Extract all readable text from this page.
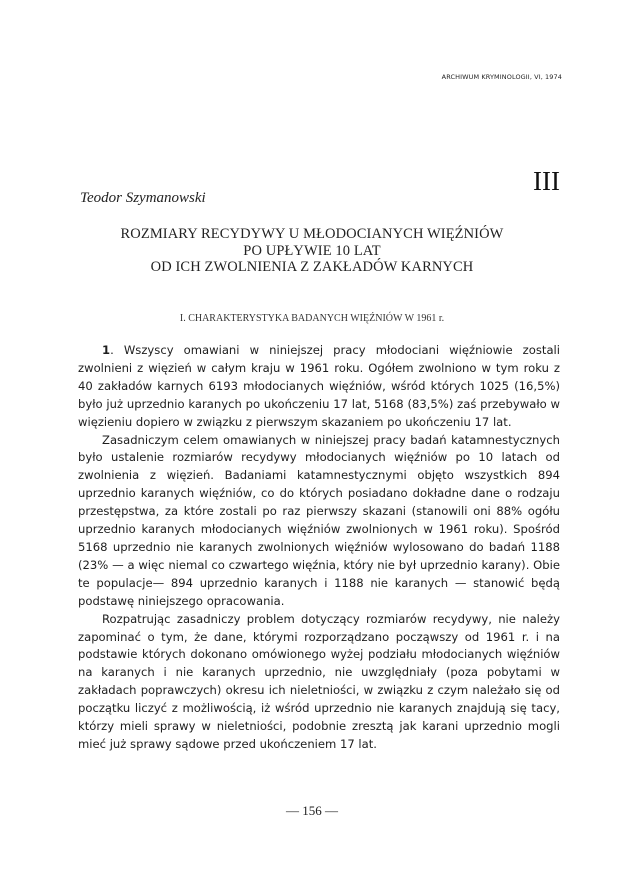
ARCHIWUM KRYMINOLOGII, VI, 1974
III
Teodor Szymanowski
ROZMIARY RECYDYWY U MŁODOCIANYCH WIĘŹNIÓW
PO UPŁYWIE 10 LAT
OD ICH ZWOLNIENIA Z ZAKŁADÓW KARNYCH
I. CHARAKTERYSTYKA BADANYCH WIĘŹNIÓW W 1961 r.

1. Wszyscy omawiani w niniejszej pracy młodociani więźniowie zostali zwolnieni z więzień w całym kraju w 1961 roku. Ogółem zwolniono w tym roku z 40 zakładów karnych 6193 młodocianych więźniów, wśród których 1025 (16,5%) było już uprzednio karanych po ukończeniu 17 lat, 5168 (83,5%) zaś przebywało w więzieniu dopiero w związku z pierwszym skazaniem po ukończeniu 17 lat.

Zasadniczym celem omawianych w niniejszej pracy badań katamnestycznych było ustalenie rozmiarów recydywy młodocianych więźniów po 10 latach od zwolnienia z więzień. Badaniami katamnestycznymi objęto wszystkich 894 uprzednio karanych więźniów, co do których posiadano dokładne dane o rodzaju przestępstwa, za które zostali po raz pierwszy skazani (stanowili oni 88% ogółu uprzednio karanych młodocianych więźniów zwolnionych w 1961 roku). Spośród 5168 uprzednio nie karanych zwolnionych więźniów wylosowano do badań 1188 (23% — a więc niemal co czwartego więźnia, który nie był uprzednio karany). Obie te populacje— 894 uprzednio karanych i 1188 nie karanych — stanowić będą podstawę niniejszego opracowania.

Rozpatrując zasadniczy problem dotyczący rozmiarów recydywy, nie należy zapominać o tym, że dane, którymi rozporządzano począwszy od 1961 r. i na podstawie których dokonano omówionego wyżej podziału młodocianych więźniów na karanych i nie karanych uprzednio, nie uwzględniały (poza pobytami w zakładach poprawczych) okresu ich nieletniości, w związku z czym należało się od początku liczyć z możliwością, iż wśród uprzednio nie karanych znajdują się tacy, którzy mieli sprawy w nieletniości, podobnie zresztą jak karani uprzednio mogli mieć już sprawy sądowe przed ukończeniem 17 lat.

— 156 —
